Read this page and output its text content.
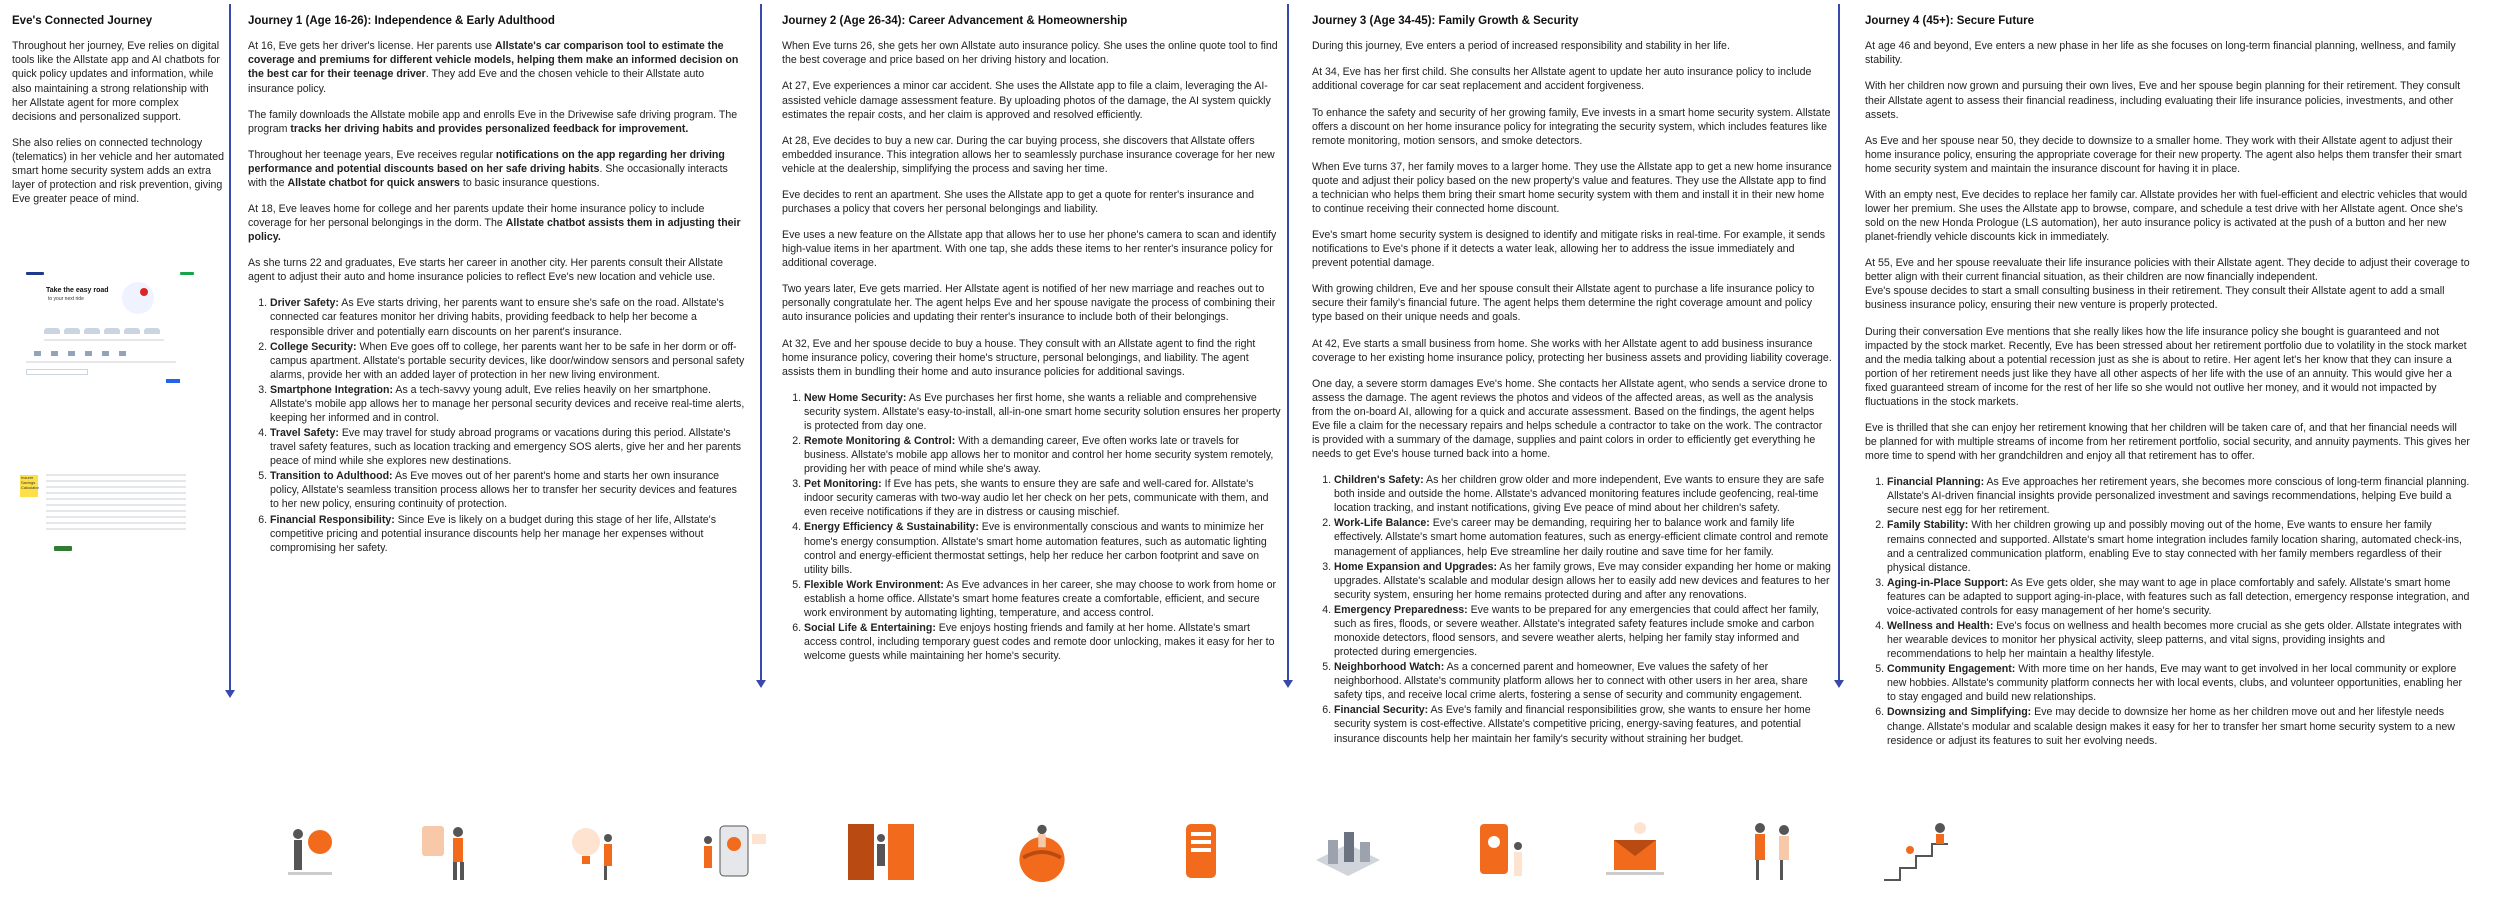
Eve's Connected Journey

Throughout her journey, Eve relies on digital tools like the Allstate app and AI chatbots for quick policy updates and information, while also maintaining a strong relationship with her Allstate agent for more complex decisions and personalized support.

She also relies on connected technology (telematics) in her vehicle and her automated smart home security system adds an extra layer of protection and risk prevention, giving Eve greater peace of mind.

Take the easy road
to your next ride
Insurer Savings Calculator
Journey 1 (Age 16-26): Independence & Early Adulthood

At 16, Eve gets her driver's license. Her parents use Allstate's car comparison tool to estimate the coverage and premiums for different vehicle models, helping them make an informed decision on the best car for their teenage driver. They add Eve and the chosen vehicle to their Allstate auto insurance policy.

The family downloads the Allstate mobile app and enrolls Eve in the Drivewise safe driving program. The program tracks her driving habits and provides personalized feedback for improvement.

Throughout her teenage years, Eve receives regular notifications on the app regarding her driving performance and potential discounts based on her safe driving habits. She occasionally interacts with the Allstate chatbot for quick answers to basic insurance questions.

At 18, Eve leaves home for college and her parents update their home insurance policy to include coverage for her personal belongings in the dorm. The Allstate chatbot assists them in adjusting their policy.

As she turns 22 and graduates, Eve starts her career in another city. Her parents consult their Allstate agent to adjust their auto and home insurance policies to reflect Eve's new location and vehicle use.

1. Driver Safety: As Eve starts driving, her parents want to ensure she's safe on the road. Allstate's connected car features monitor her driving habits, providing feedback to help her become a responsible driver and potentially earn discounts on her parent's insurance.
2. College Security: When Eve goes off to college, her parents want her to be safe in her dorm or off-campus apartment. Allstate's portable security devices, like door/window sensors and personal safety alarms, provide her with an added layer of protection in her new living environment.
3. Smartphone Integration: As a tech-savvy young adult, Eve relies heavily on her smartphone. Allstate's mobile app allows her to manage her personal security devices and receive real-time alerts, keeping her informed and in control.
4. Travel Safety: Eve may travel for study abroad programs or vacations during this period. Allstate's travel safety features, such as location tracking and emergency SOS alerts, give her and her parents peace of mind while she explores new destinations.
5. Transition to Adulthood: As Eve moves out of her parent's home and starts her own insurance policy, Allstate's seamless transition process allows her to transfer her security devices and features to her new policy, ensuring continuity of protection.
6. Financial Responsibility: Since Eve is likely on a budget during this stage of her life, Allstate's competitive pricing and potential insurance discounts help her manage her expenses without compromising her safety.
Journey 2 (Age 26-34): Career Advancement & Homeownership

When Eve turns 26, she gets her own Allstate auto insurance policy. She uses the online quote tool to find the best coverage and price based on her driving history and location.

At 27, Eve experiences a minor car accident. She uses the Allstate app to file a claim, leveraging the AI-assisted vehicle damage assessment feature. By uploading photos of the damage, the AI system quickly estimates the repair costs, and her claim is approved and resolved efficiently.

At 28, Eve decides to buy a new car. During the car buying process, she discovers that Allstate offers embedded insurance. This integration allows her to seamlessly purchase insurance coverage for her new vehicle at the dealership, simplifying the process and saving her time.

Eve decides to rent an apartment. She uses the Allstate app to get a quote for renter's insurance and purchases a policy that covers her personal belongings and liability.

Eve uses a new feature on the Allstate app that allows her to use her phone's camera to scan and identify high-value items in her apartment. With one tap, she adds these items to her renter's insurance policy for additional coverage.

Two years later, Eve gets married. Her Allstate agent is notified of her new marriage and reaches out to personally congratulate her. The agent helps Eve and her spouse navigate the process of combining their auto insurance policies and updating their renter's insurance to include both of their belongings.

At 32, Eve and her spouse decide to buy a house. They consult with an Allstate agent to find the right home insurance policy, covering their home's structure, personal belongings, and liability. The agent assists them in bundling their home and auto insurance policies for additional savings.

1. New Home Security: As Eve purchases her first home, she wants a reliable and comprehensive security system. Allstate's easy-to-install, all-in-one smart home security solution ensures her property is protected from day one.
2. Remote Monitoring & Control: With a demanding career, Eve often works late or travels for business. Allstate's mobile app allows her to monitor and control her home security system remotely, providing her with peace of mind while she's away.
3. Pet Monitoring: If Eve has pets, she wants to ensure they are safe and well-cared for. Allstate's indoor security cameras with two-way audio let her check on her pets, communicate with them, and even receive notifications if they are in distress or causing mischief.
4. Energy Efficiency & Sustainability: Eve is environmentally conscious and wants to minimize her home's energy consumption. Allstate's smart home automation features, such as automatic lighting control and energy-efficient thermostat settings, help her reduce her carbon footprint and save on utility bills.
5. Flexible Work Environment: As Eve advances in her career, she may choose to work from home or establish a home office. Allstate's smart home features create a comfortable, efficient, and secure work environment by automating lighting, temperature, and access control.
6. Social Life & Entertaining: Eve enjoys hosting friends and family at her home. Allstate's smart access control, including temporary guest codes and remote door unlocking, makes it easy for her to welcome guests while maintaining her home's security.
Journey 3 (Age 34-45): Family Growth & Security

During this journey, Eve enters a period of increased responsibility and stability in her life.

At 34, Eve has her first child. She consults her Allstate agent to update her auto insurance policy to include additional coverage for car seat replacement and accident forgiveness.

To enhance the safety and security of her growing family, Eve invests in a smart home security system. Allstate offers a discount on her home insurance policy for integrating the security system, which includes features like remote monitoring, motion sensors, and smoke detectors.

When Eve turns 37, her family moves to a larger home. They use the Allstate app to get a new home insurance quote and adjust their policy based on the new property's value and features. They use the Allstate app to find a technician who helps them bring their smart home security system with them and install it in their new home to continue receiving their connected home discount.

Eve's smart home security system is designed to identify and mitigate risks in real-time. For example, it sends notifications to Eve's phone if it detects a water leak, allowing her to address the issue immediately and prevent potential damage.

With growing children, Eve and her spouse consult their Allstate agent to purchase a life insurance policy to secure their family's financial future. The agent helps them determine the right coverage amount and policy type based on their unique needs and goals.

At 42, Eve starts a small business from home. She works with her Allstate agent to add business insurance coverage to her existing home insurance policy, protecting her business assets and providing liability coverage.

One day, a severe storm damages Eve's home. She contacts her Allstate agent, who sends a service drone to assess the damage. The agent reviews the photos and videos of the affected areas, as well as the analysis from the on-board AI, allowing for a quick and accurate assessment. Based on the findings, the agent helps Eve file a claim for the necessary repairs and helps schedule a contractor to take on the work. The contractor is provided with a summary of the damage, supplies and paint colors in order to efficiently get everything he needs to get Eve's house turned back into a home.

1. Children's Safety: As her children grow older and more independent, Eve wants to ensure they are safe both inside and outside the home. Allstate's advanced monitoring features include geofencing, real-time location tracking, and instant notifications, giving Eve peace of mind about her children's safety.
2. Work-Life Balance: Eve's career may be demanding, requiring her to balance work and family life effectively. Allstate's smart home automation features, such as energy-efficient climate control and remote management of appliances, help Eve streamline her daily routine and save time for her family.
3. Home Expansion and Upgrades: As her family grows, Eve may consider expanding her home or making upgrades. Allstate's scalable and modular design allows her to easily add new devices and features to her security system, ensuring her home remains protected during and after any renovations.
4. Emergency Preparedness: Eve wants to be prepared for any emergencies that could affect her family, such as fires, floods, or severe weather. Allstate's integrated safety features include smoke and carbon monoxide detectors, flood sensors, and severe weather alerts, helping her family stay informed and protected during emergencies.
5. Neighborhood Watch: As a concerned parent and homeowner, Eve values the safety of her neighborhood. Allstate's community platform allows her to connect with other users in her area, share safety tips, and receive local crime alerts, fostering a sense of security and community engagement.
6. Financial Security: As Eve's family and financial responsibilities grow, she wants to ensure her home security system is cost-effective. Allstate's competitive pricing, energy-saving features, and potential insurance discounts help her maintain her family's security without straining her budget.
Journey 4 (45+): Secure Future

At age 46 and beyond, Eve enters a new phase in her life as she focuses on long-term financial planning, wellness, and family stability.

With her children now grown and pursuing their own lives, Eve and her spouse begin planning for their retirement. They consult their Allstate agent to assess their financial readiness, including evaluating their life insurance policies, investments, and other assets.

As Eve and her spouse near 50, they decide to downsize to a smaller home. They work with their Allstate agent to adjust their home insurance policy, ensuring the appropriate coverage for their new property. The agent also helps them transfer their smart home security system and maintain the insurance discount for having it in place.

With an empty nest, Eve decides to replace her family car. Allstate provides her with fuel-efficient and electric vehicles that would lower her premium. She uses the Allstate app to browse, compare, and schedule a test drive with her Allstate agent. Once she's sold on the new Honda Prologue (LS automation), her auto insurance policy is activated at the push of a button and her new planet-friendly vehicle discounts kick in immediately.

At 55, Eve and her spouse reevaluate their life insurance policies with their Allstate agent. They decide to adjust their coverage to better align with their current financial situation, as their children are now financially independent.
Eve's spouse decides to start a small consulting business in their retirement. They consult their Allstate agent to add a small business insurance policy, ensuring their new venture is properly protected.

During their conversation Eve mentions that she really likes how the life insurance policy she bought is guaranteed and not impacted by the stock market. Recently, Eve has been stressed about her retirement portfolio due to volatility in the stock market and the media talking about a potential recession just as she is about to retire. Her agent let's her know that they can insure a portion of her retirement needs just like they have all other aspects of her life with the use of an annuity. This would give her a fixed guaranteed stream of income for the rest of her life so she would not outlive her money, and it would not impacted by fluctuations in the stock markets.

Eve is thrilled that she can enjoy her retirement knowing that her children will be taken care of, and that her financial needs will be planned for with multiple streams of income from her retirement portfolio, social security, and annuity payments. This gives her more time to spend with her grandchildren and enjoy all that retirement has to offer.

1. Financial Planning: As Eve approaches her retirement years, she becomes more conscious of long-term financial planning. Allstate's AI-driven financial insights provide personalized investment and savings recommendations, helping Eve build a secure nest egg for her retirement.
2. Family Stability: With her children growing up and possibly moving out of the home, Eve wants to ensure her family remains connected and supported. Allstate's smart home integration includes family location sharing, automated check-ins, and a centralized communication platform, enabling Eve to stay connected with her family members regardless of their physical distance.
3. Aging-in-Place Support: As Eve gets older, she may want to age in place comfortably and safely. Allstate's smart home features can be adapted to support aging-in-place, with features such as fall detection, emergency response integration, and voice-activated controls for easy management of her home's security.
4. Wellness and Health: Eve's focus on wellness and health becomes more crucial as she gets older. Allstate integrates with her wearable devices to monitor her physical activity, sleep patterns, and vital signs, providing insights and recommendations to help her maintain a healthy lifestyle.
5. Community Engagement: With more time on her hands, Eve may want to get involved in her local community or explore new hobbies. Allstate's community platform connects her with local events, clubs, and volunteer opportunities, enabling her to stay engaged and build new relationships.
6. Downsizing and Simplifying: Eve may decide to downsize her home as her children move out and her lifestyle needs change. Allstate's modular and scalable design makes it easy for her to transfer her smart home security system to a new residence or adjust its features to suit her evolving needs.
